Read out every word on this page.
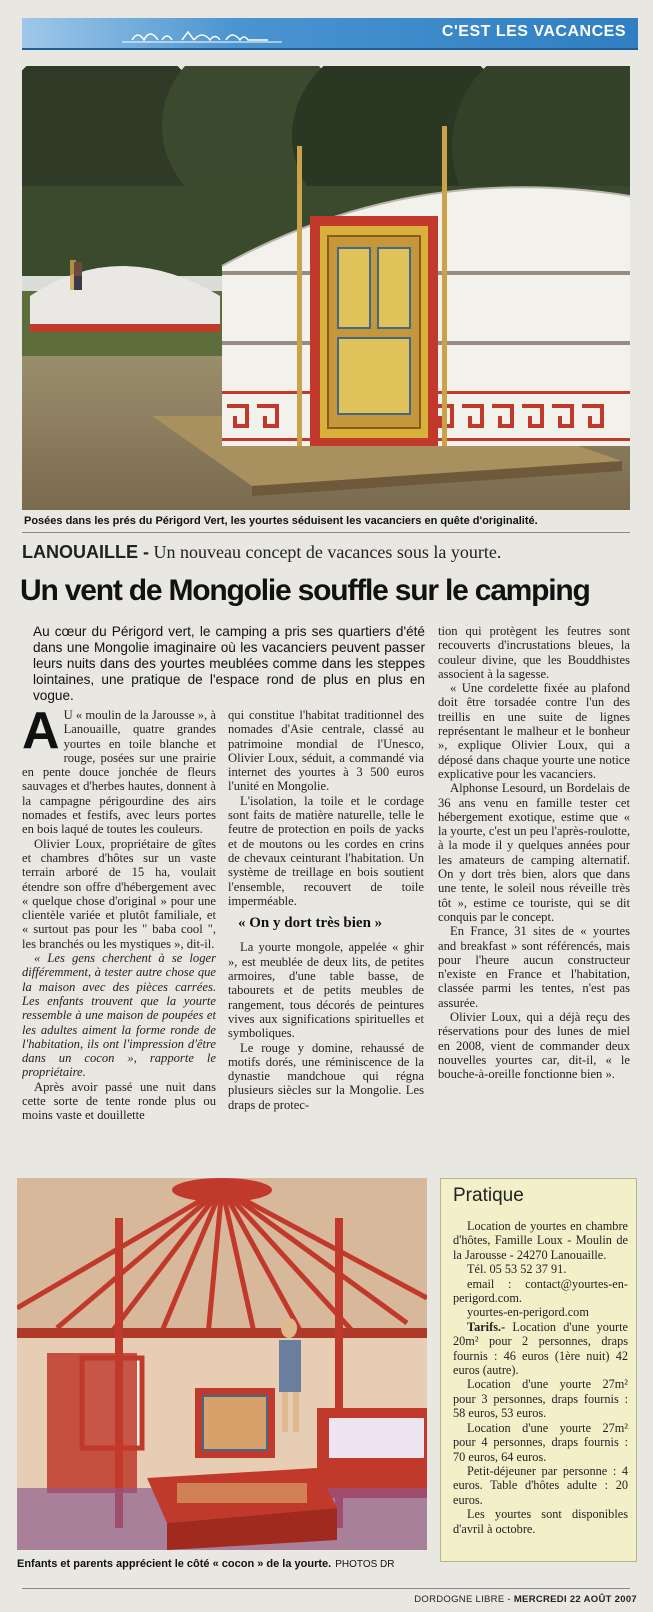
C'EST LES VACANCES
Posées dans les prés du Périgord Vert, les yourtes séduisent les vacanciers en quête d'originalité.
LANOUAILLE - Un nouveau concept de vacances sous la yourte.
Un vent de Mongolie souffle sur le camping
Au cœur du Périgord vert, le camping a pris ses quartiers d'été dans une Mongolie imaginaire où les vacanciers peuvent passer leurs nuits dans des yourtes meublées comme dans les steppes lointaines, une pratique de l'espace rond de plus en plus en vogue.

A U « moulin de la Jarousse », à Lanouaille, quatre grandes yourtes en toile blanche et rouge, posées sur une prairie en pente douce jonchée de fleurs sauvages et d'herbes hautes, donnent à la campagne périgourdine des airs nomades et festifs, avec leurs portes en bois laqué de toutes les couleurs.

Olivier Loux, propriétaire de gîtes et chambres d'hôtes sur un vaste terrain arboré de 15 ha, voulait étendre son offre d'hébergement avec « quelque chose d'original » pour une clientèle variée et plutôt familiale, et « surtout pas pour les " baba cool ", les branchés ou les mystiques », dit-il.

« Les gens cherchent à se loger différemment, à tester autre chose que la maison avec des pièces carrées. Les enfants trouvent que la yourte ressemble à une maison de poupées et les adultes aiment la forme ronde de l'habitation, ils ont l'impression d'être dans un cocon », rapporte le propriétaire.

Après avoir passé une nuit dans cette sorte de tente ronde plus ou moins vaste et douillette

qui constitue l'habitat traditionnel des nomades d'Asie centrale, classé au patrimoine mondial de l'Unesco, Olivier Loux, séduit, a commandé via internet des yourtes à 3 500 euros l'unité en Mongolie.

L'isolation, la toile et le cordage sont faits de matière naturelle, telle le feutre de protection en poils de yacks et de moutons ou les cordes en crins de chevaux ceinturant l'habitation. Un système de treillage en bois soutient l'ensemble, recouvert de toile imperméable.

« On y dort très bien »

La yourte mongole, appelée « ghir », est meublée de deux lits, de petites armoires, d'une table basse, de tabourets et de petits meubles de rangement, tous décorés de peintures vives aux significations spirituelles et symboliques.

Le rouge y domine, rehaussé de motifs dorés, une réminiscence de la dynastie mandchoue qui régna plusieurs siècles sur la Mongolie. Les draps de protec-

tion qui protègent les feutres sont recouverts d'incrustations bleues, la couleur divine, que les Bouddhistes associent à la sagesse.

« Une cordelette fixée au plafond doit être torsadée contre l'un des treillis en une suite de lignes représentant le malheur et le bonheur », explique Olivier Loux, qui a déposé dans chaque yourte une notice explicative pour les vacanciers.

Alphonse Lesourd, un Bordelais de 36 ans venu en famille tester cet hébergement exotique, estime que « la yourte, c'est un peu l'après-roulotte, à la mode il y quelques années pour les amateurs de camping alternatif. On y dort très bien, alors que dans une tente, le soleil nous réveille très tôt », estime ce touriste, qui se dit conquis par le concept.

En France, 31 sites de « yourtes and breakfast » sont référencés, mais pour l'heure aucun constructeur n'existe en France et l'habitation, classée parmi les tentes, n'est pas assurée.

Olivier Loux, qui a déjà reçu des réservations pour des lunes de miel en 2008, vient de commander deux nouvelles yourtes car, dit-il, « le bouche-à-oreille fonctionne bien ».

Enfants et parents apprécient le côté « cocon » de la yourte. PHOTOS DR
Pratique

Location de yourtes en chambre d'hôtes, Famille Loux - Moulin de la Jarousse - 24270 Lanouaille.

Tél. 05 53 52 37 91.

email : contact@yourtes-en-perigord.com.

yourtes-en-perigord.com

Tarifs.- Location d'une yourte 20m² pour 2 personnes, draps fournis : 46 euros (1ère nuit) 42 euros (autre).

Location d'une yourte 27m² pour 3 personnes, draps fournis : 58 euros, 53 euros.

Location d'une yourte 27m² pour 4 personnes, draps fournis : 70 euros, 64 euros.

Petit-déjeuner par personne : 4 euros. Table d'hôtes adulte : 20 euros.

Les yourtes sont disponibles d'avril à octobre.

DORDOGNE LIBRE - MERCREDI 22 AOÛT 2007
